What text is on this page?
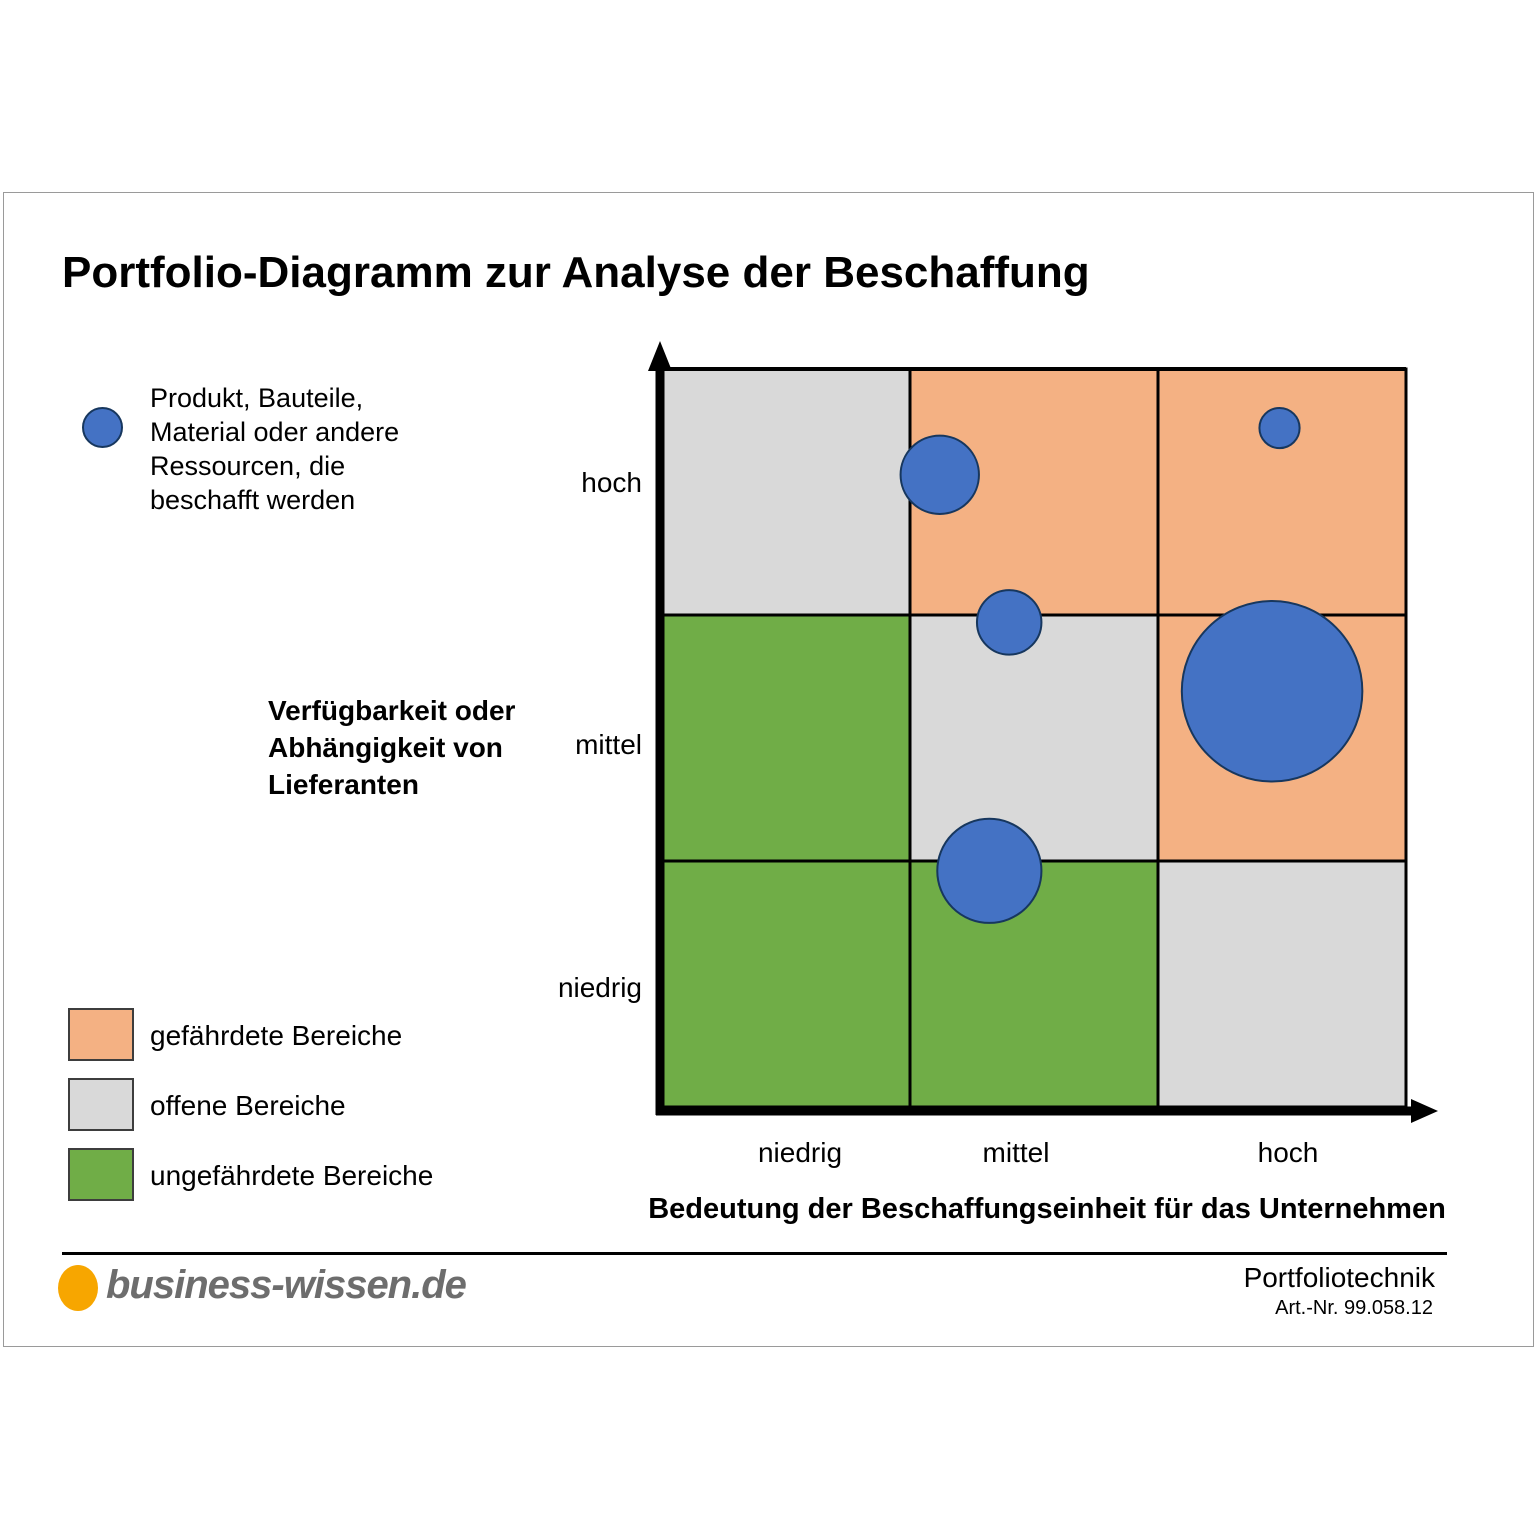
Portfolio-Diagramm zur Analyse der Beschaffung
Produkt, Bauteile, Material oder andere Ressourcen, die beschafft werden
Verfügbarkeit oder Abhängigkeit von Lieferanten
hoch
mittel
niedrig
niedrig	mittel	hoch
Bedeutung der Beschaffungseinheit für das Unternehmen
gefährdete Bereiche
offene Bereiche
ungefährdete Bereiche
business-wissen.de	Portfoliotechnik
Art.-Nr. 99.058.12
